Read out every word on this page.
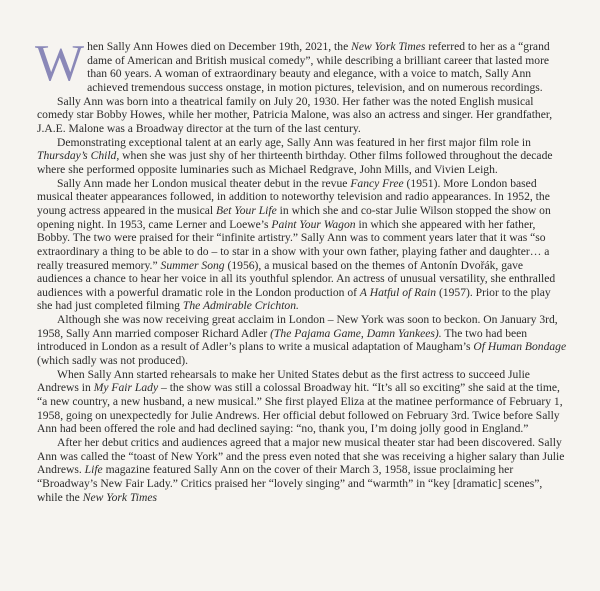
W hen Sally Ann Howes died on December 19th, 2021, the New York Times referred to her as a “grand dame of American and British musical comedy”, while describing a brilliant career that lasted more than 60 years. A woman of extraordinary beauty and elegance, with a voice to match, Sally Ann achieved tremendous success onstage, in motion pictures, television, and on numerous recordings.

Sally Ann was born into a theatrical family on July 20, 1930. Her father was the noted English musical comedy star Bobby Howes, while her mother, Patricia Malone, was also an actress and singer. Her grandfather, J.A.E. Malone was a Broadway director at the turn of the last century.

Demonstrating exceptional talent at an early age, Sally Ann was featured in her first major film role in Thursday’s Child, when she was just shy of her thirteenth birthday. Other films followed throughout the decade where she performed opposite luminaries such as Michael Redgrave, John Mills, and Vivien Leigh.

Sally Ann made her London musical theater debut in the revue Fancy Free (1951). More London based musical theater appearances followed, in addition to noteworthy television and radio appearances. In 1952, the young actress appeared in the musical Bet Your Life in which she and co-star Julie Wilson stopped the show on opening night. In 1953, came Lerner and Loewe’s Paint Your Wagon in which she appeared with her father, Bobby. The two were praised for their “infinite artistry.” Sally Ann was to comment years later that it was “so extraordinary a thing to be able to do – to star in a show with your own father, playing father and daughter… a really treasured memory.” Summer Song (1956), a musical based on the themes of Antonín Dvořák, gave audiences a chance to hear her voice in all its youthful splendor. An actress of unusual versatility, she enthralled audiences with a powerful dramatic role in the London production of A Hatful of Rain (1957). Prior to the play she had just completed filming The Admirable Crichton.

Although she was now receiving great acclaim in London – New York was soon to beckon. On January 3rd, 1958, Sally Ann married composer Richard Adler (The Pajama Game, Damn Yankees). The two had been introduced in London as a result of Adler’s plans to write a musical adaptation of Maugham’s Of Human Bondage (which sadly was not produced).

When Sally Ann started rehearsals to make her United States debut as the first actress to succeed Julie Andrews in My Fair Lady – the show was still a colossal Broadway hit. “It’s all so exciting” she said at the time, “a new country, a new husband, a new musical.” She first played Eliza at the matinee performance of February 1, 1958, going on unexpectedly for Julie Andrews. Her official debut followed on February 3rd. Twice before Sally Ann had been offered the role and had declined saying: “no, thank you, I’m doing jolly good in England.”

After her debut critics and audiences agreed that a major new musical theater star had been discovered. Sally Ann was called the “toast of New York” and the press even noted that she was receiving a higher salary than Julie Andrews. Life magazine featured Sally Ann on the cover of their March 3, 1958, issue proclaiming her “Broadway’s New Fair Lady.” Critics praised her “lovely singing” and “warmth” in “key [dramatic] scenes”, while the New York Times
